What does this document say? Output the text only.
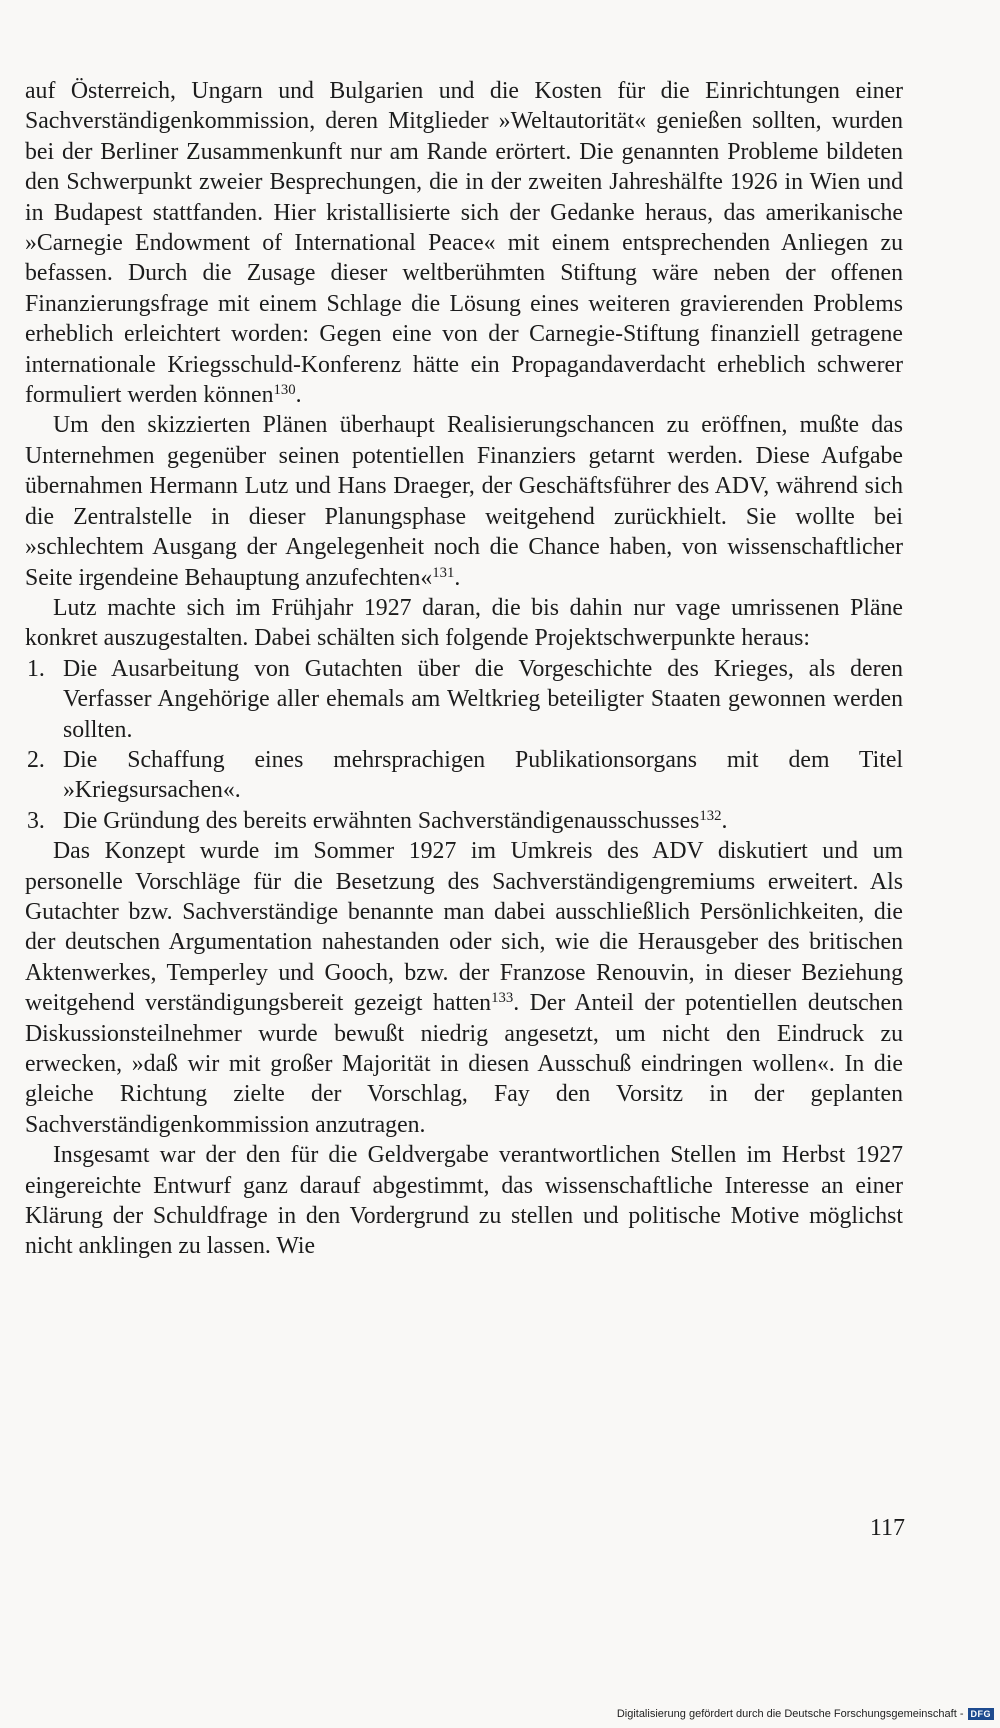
auf Österreich, Ungarn und Bulgarien und die Kosten für die Einrichtungen einer Sachverständigenkommission, deren Mitglieder »Weltautorität« genießen sollten, wurden bei der Berliner Zusammenkunft nur am Rande erörtert. Die genannten Probleme bildeten den Schwerpunkt zweier Besprechungen, die in der zweiten Jahreshälfte 1926 in Wien und in Budapest stattfanden. Hier kristallisierte sich der Gedanke heraus, das amerikanische »Carnegie Endowment of International Peace« mit einem entsprechenden Anliegen zu befassen. Durch die Zusage dieser weltberühmten Stiftung wäre neben der offenen Finanzierungsfrage mit einem Schlage die Lösung eines weiteren gravierenden Problems erheblich erleichtert worden: Gegen eine von der Carnegie-Stiftung finanziell getragene internationale Kriegsschuld-Konferenz hätte ein Propagandaverdacht erheblich schwerer formuliert werden können$^{130}$.

Um den skizzierten Plänen überhaupt Realisierungschancen zu eröffnen, mußte das Unternehmen gegenüber seinen potentiellen Finanziers getarnt werden. Diese Aufgabe übernahmen Hermann Lutz und Hans Draeger, der Geschäftsführer des ADV, während sich die Zentralstelle in dieser Planungsphase weitgehend zurückhielt. Sie wollte bei »schlechtem Ausgang der Angelegenheit noch die Chance haben, von wissenschaftlicher Seite irgendeine Behauptung anzufechten«$^{131}$.

Lutz machte sich im Frühjahr 1927 daran, die bis dahin nur vage umrissenen Pläne konkret auszugestalten. Dabei schälten sich folgende Projektschwerpunkte heraus:

1. Die Ausarbeitung von Gutachten über die Vorgeschichte des Krieges, als deren Verfasser Angehörige aller ehemals am Weltkrieg beteiligter Staaten gewonnen werden sollten.
2. Die Schaffung eines mehrsprachigen Publikationsorgans mit dem Titel »Kriegsursachen«.
3. Die Gründung des bereits erwähnten Sachverständigenausschusses$^{132}$.

Das Konzept wurde im Sommer 1927 im Umkreis des ADV diskutiert und um personelle Vorschläge für die Besetzung des Sachverständigengremiums erweitert. Als Gutachter bzw. Sachverständige benannte man dabei ausschließlich Persönlichkeiten, die der deutschen Argumentation nahestanden oder sich, wie die Herausgeber des britischen Aktenwerkes, Temperley und Gooch, bzw. der Franzose Renouvin, in dieser Beziehung weitgehend verständigungsbereit gezeigt hatten$^{133}$. Der Anteil der potentiellen deutschen Diskussionsteilnehmer wurde bewußt niedrig angesetzt, um nicht den Eindruck zu erwecken, »daß wir mit großer Majorität in diesen Ausschuß eindringen wollen«. In die gleiche Richtung zielte der Vorschlag, Fay den Vorsitz in der geplanten Sachverständigenkommission anzutragen.

Insgesamt war der den für die Geldvergabe verantwortlichen Stellen im Herbst 1927 eingereichte Entwurf ganz darauf abgestimmt, das wissenschaftliche Interesse an einer Klärung der Schuldfrage in den Vordergrund zu stellen und politische Motive möglichst nicht anklingen zu lassen. Wie

117
Digitalisierung gefördert durch die Deutsche Forschungsgemeinschaft - DFG
